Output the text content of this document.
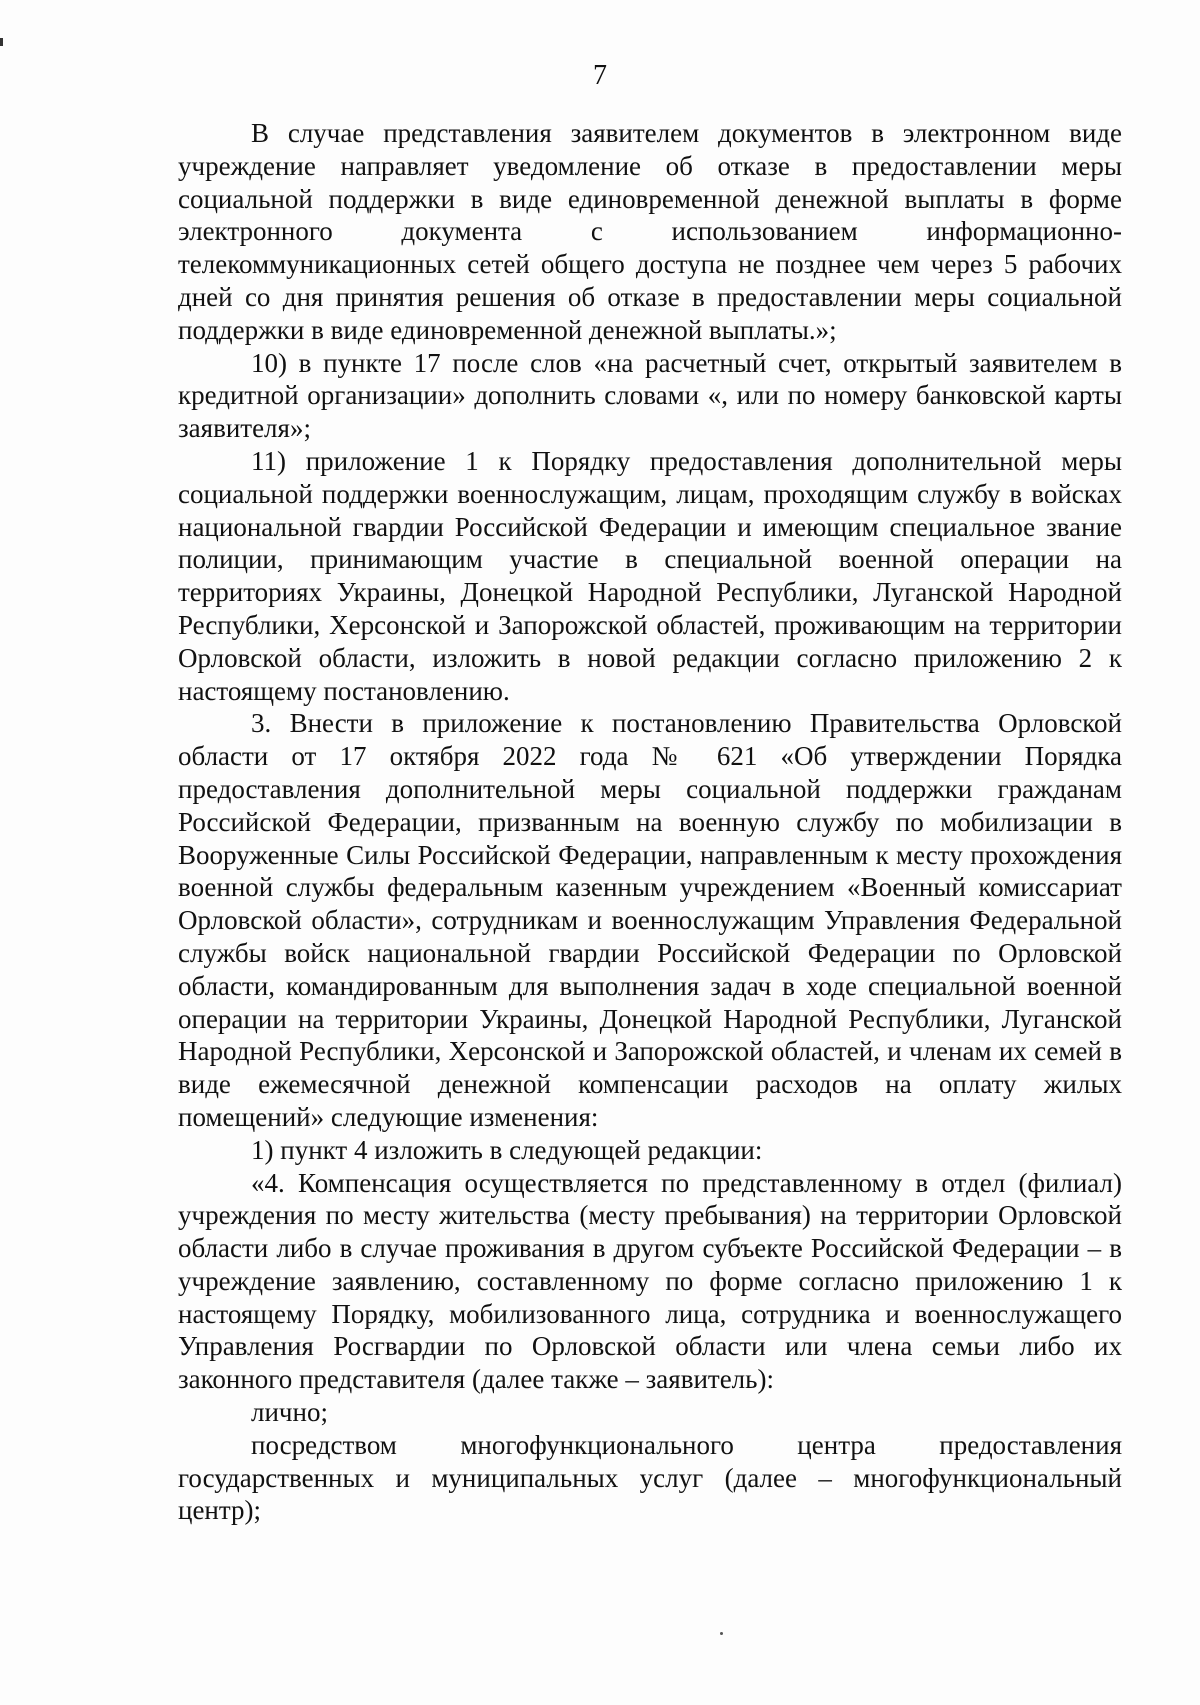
7

В случае представления заявителем документов в электронном виде учреждение направляет уведомление об отказе в предоставлении меры социальной поддержки в виде единовременной денежной выплаты в форме электронного документа с использованием информационно-телекоммуникационных сетей общего доступа не позднее чем через 5 рабочих дней со дня принятия решения об отказе в предоставлении меры социальной поддержки в виде единовременной денежной выплаты.»;

10) в пункте 17 после слов «на расчетный счет, открытый заявителем в кредитной организации» дополнить словами «, или по номеру банковской карты заявителя»;

11) приложение 1 к Порядку предоставления дополнительной меры социальной поддержки военнослужащим, лицам, проходящим службу в войсках национальной гвардии Российской Федерации и имеющим специальное звание полиции, принимающим участие в специальной военной операции на территориях Украины, Донецкой Народной Республики, Луганской Народной Республики, Херсонской и Запорожской областей, проживающим на территории Орловской области, изложить в новой редакции согласно приложению 2 к настоящему постановлению.

3. Внести в приложение к постановлению Правительства Орловской области от 17 октября 2022 года № 621 «Об утверждении Порядка предоставления дополнительной меры социальной поддержки гражданам Российской Федерации, призванным на военную службу по мобилизации в Вооруженные Силы Российской Федерации, направленным к месту прохождения военной службы федеральным казенным учреждением «Военный комиссариат Орловской области», сотрудникам и военнослужащим Управления Федеральной службы войск национальной гвардии Российской Федерации по Орловской области, командированным для выполнения задач в ходе специальной военной операции на территории Украины, Донецкой Народной Республики, Луганской Народной Республики, Херсонской и Запорожской областей, и членам их семей в виде ежемесячной денежной компенсации расходов на оплату жилых помещений» следующие изменения:

1) пункт 4 изложить в следующей редакции:

«4. Компенсация осуществляется по представленному в отдел (филиал) учреждения по месту жительства (месту пребывания) на территории Орловской области либо в случае проживания в другом субъекте Российской Федерации – в учреждение заявлению, составленному по форме согласно приложению 1 к настоящему Порядку, мобилизованного лица, сотрудника и военнослужащего Управления Росгвардии по Орловской области или члена семьи либо их законного представителя (далее также – заявитель):

лично;

посредством многофункционального центра предоставления государственных и муниципальных услуг (далее – многофункциональный центр);
